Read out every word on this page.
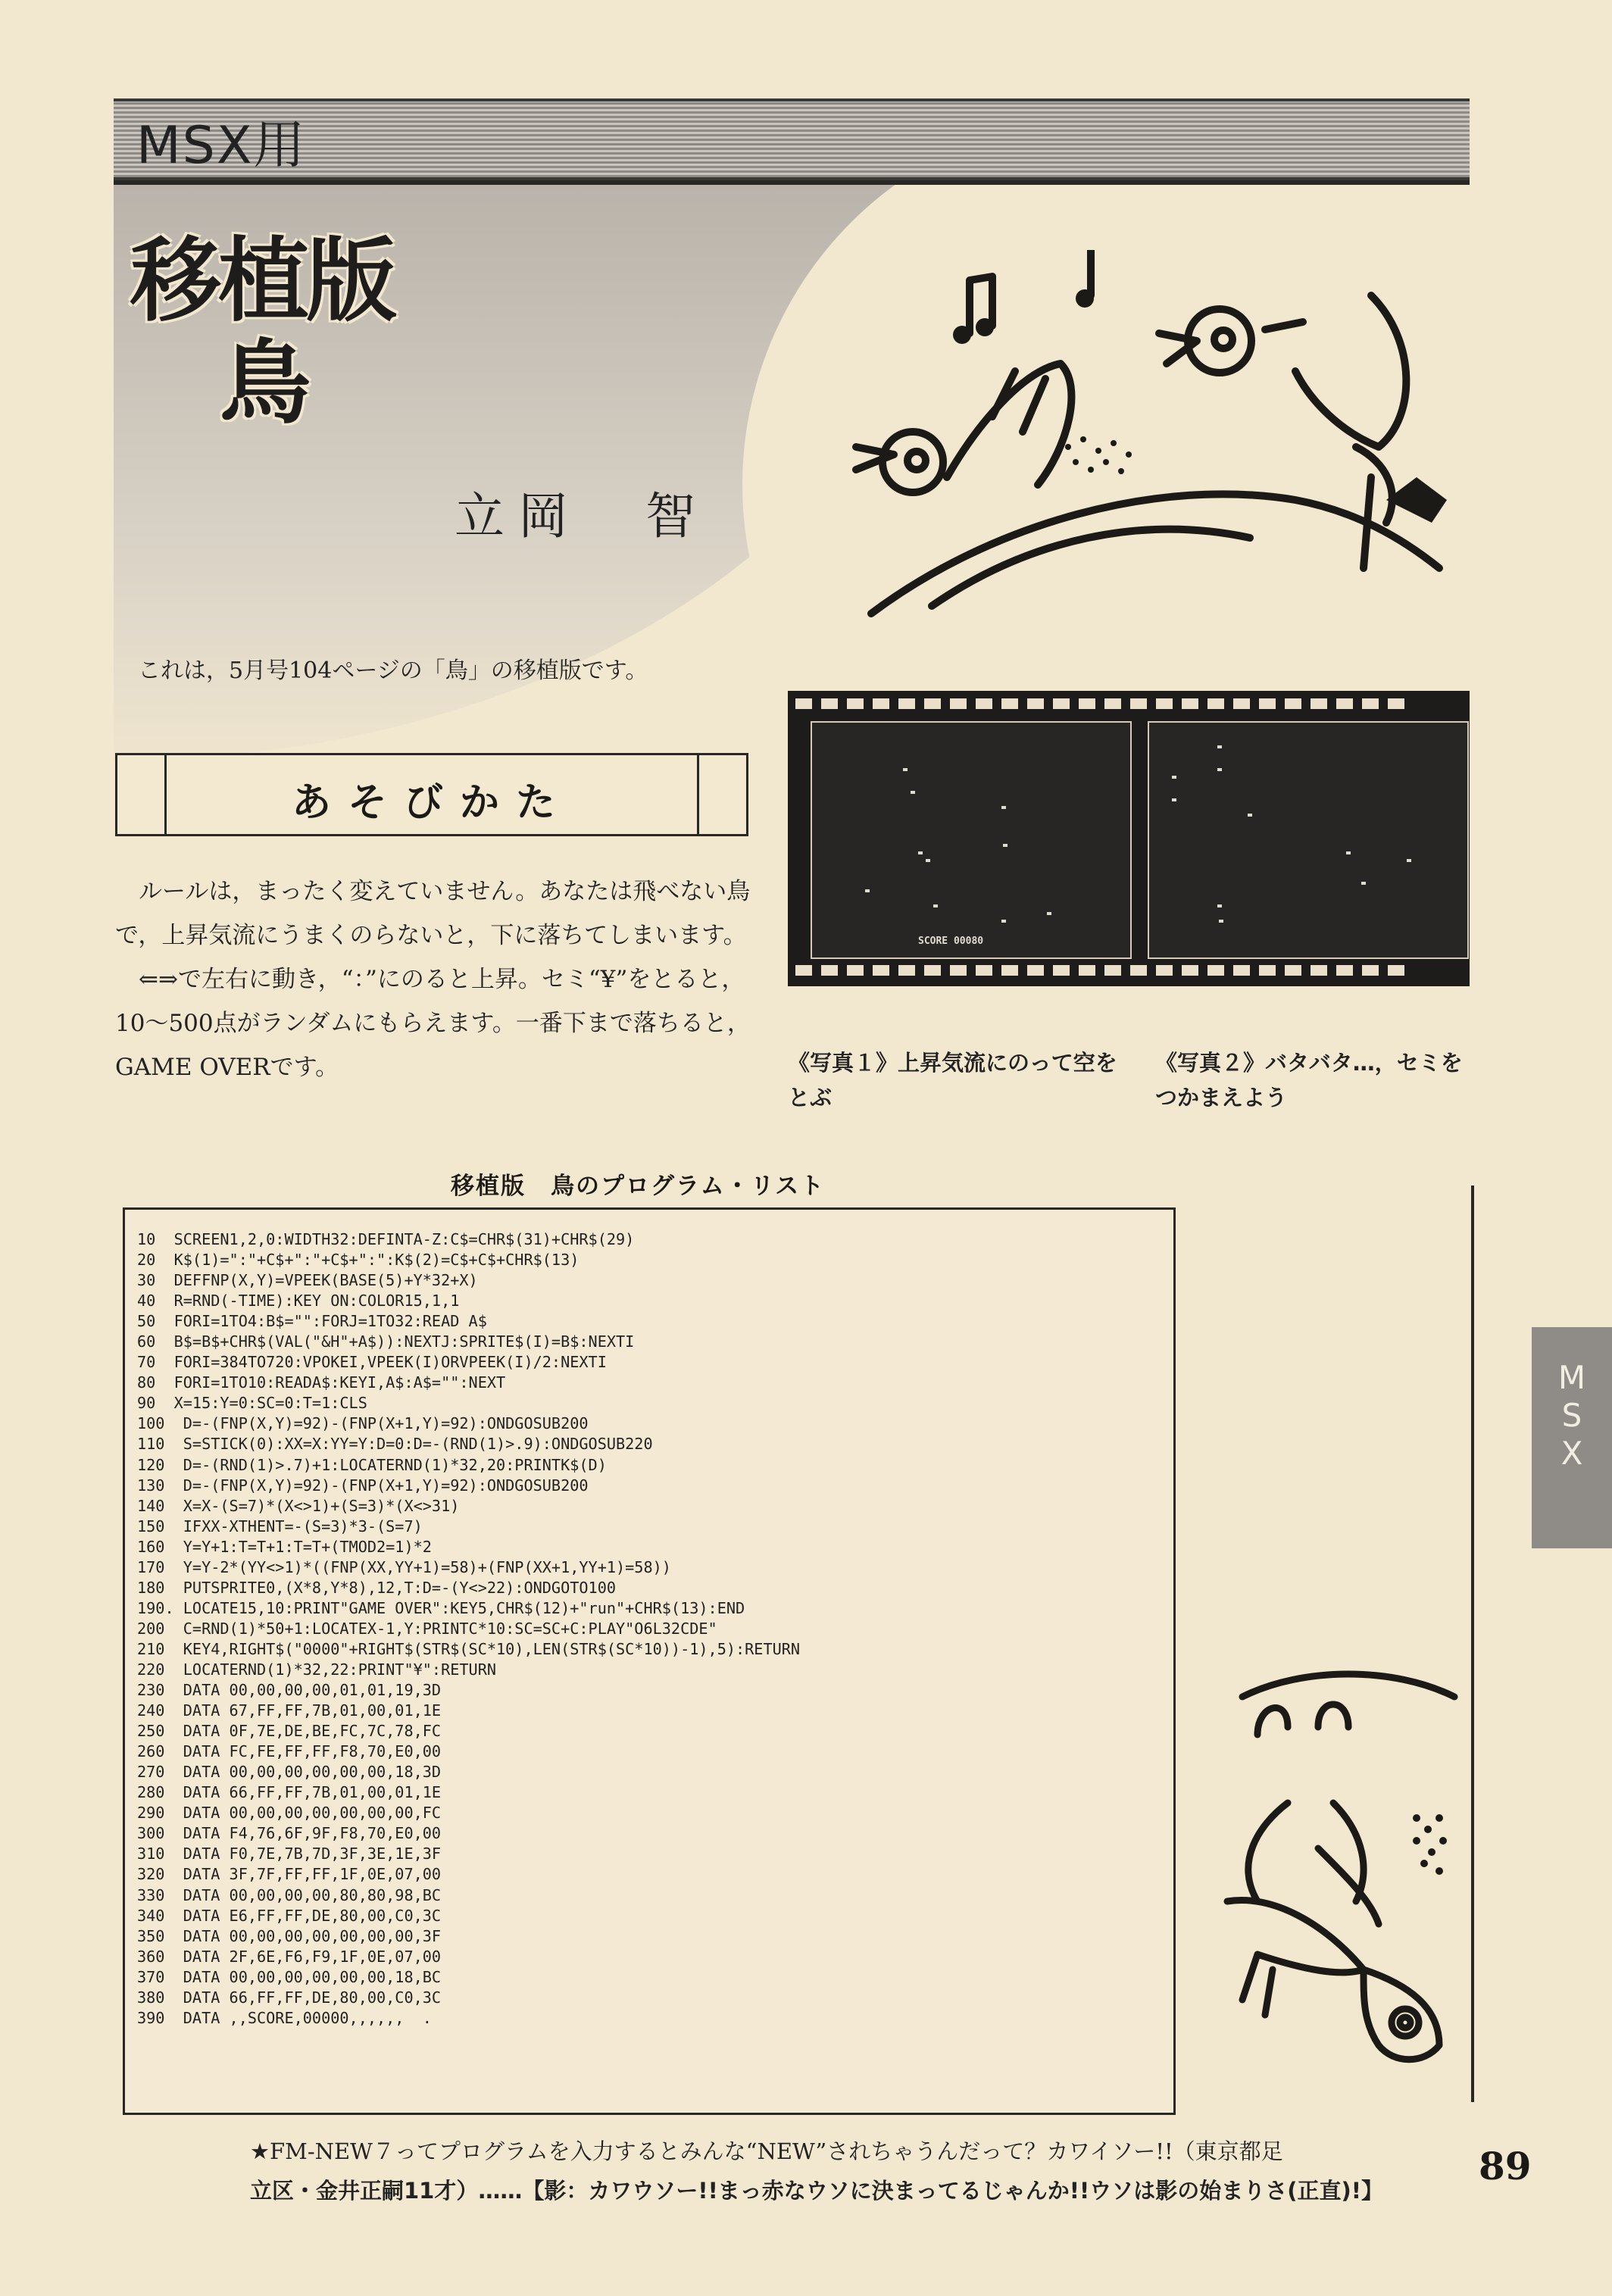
MSX用
移植版
鳥
立岡　智
これは，5月号104ページの「鳥」の移植版です。
あそびかた

ルールは，まったく変えていません。あなたは飛べない鳥で，上昇気流にうまくのらないと，下に落ちてしまいます。

⇐⇒で左右に動き，“：”にのると上昇。セミ“¥”をとると，10～500点がランダムにもらえます。一番下まで落ちると，GAME OVERです。

SCORE 00080
《写真１》上昇気流にのって空をとぶ
《写真２》バタバタ…，セミをつかまえよう
移植版　鳥のプログラム・リスト
10  SCREEN1,2,0:WIDTH32:DEFINTA-Z:C$=CHR$(31)+CHR$(29)
20  K$(1)=":"+C$+":"+C$+":":K$(2)=C$+C$+CHR$(13)
30  DEFFNP(X,Y)=VPEEK(BASE(5)+Y*32+X)
40  R=RND(-TIME):KEY ON:COLOR15,1,1
50  FORI=1TO4:B$="":FORJ=1TO32:READ A$
60  B$=B$+CHR$(VAL("&H"+A$)):NEXTJ:SPRITE$(I)=B$:NEXTI
70  FORI=384TO720:VPOKEI,VPEEK(I)ORVPEEK(I)/2:NEXTI
80  FORI=1TO10:READA$:KEYI,A$:A$="":NEXT
90  X=15:Y=0:SC=0:T=1:CLS
100  D=-(FNP(X,Y)=92)-(FNP(X+1,Y)=92):ONDGOSUB200
110  S=STICK(0):XX=X:YY=Y:D=0:D=-(RND(1)>.9):ONDGOSUB220
120  D=-(RND(1)>.7)+1:LOCATERND(1)*32,20:PRINTK$(D)
130  D=-(FNP(X,Y)=92)-(FNP(X+1,Y)=92):ONDGOSUB200
140  X=X-(S=7)*(X<>1)+(S=3)*(X<>31)
150  IFXX-XTHENT=-(S=3)*3-(S=7)
160  Y=Y+1:T=T+1:T=T+(TMOD2=1)*2
170  Y=Y-2*(YY<>1)*((FNP(XX,YY+1)=58)+(FNP(XX+1,YY+1)=58))
180  PUTSPRITE0,(X*8,Y*8),12,T:D=-(Y<>22):ONDGOTO100
190. LOCATE15,10:PRINT"GAME OVER":KEY5,CHR$(12)+"run"+CHR$(13):END
200  C=RND(1)*50+1:LOCATEX-1,Y:PRINTC*10:SC=SC+C:PLAY"O6L32CDE"
210  KEY4,RIGHT$("0000"+RIGHT$(STR$(SC*10),LEN(STR$(SC*10))-1),5):RETURN
220  LOCATERND(1)*32,22:PRINT"¥":RETURN
230  DATA 00,00,00,00,01,01,19,3D
240  DATA 67,FF,FF,7B,01,00,01,1E
250  DATA 0F,7E,DE,BE,FC,7C,78,FC
260  DATA FC,FE,FF,FF,F8,70,E0,00
270  DATA 00,00,00,00,00,00,18,3D
280  DATA 66,FF,FF,7B,01,00,01,1E
290  DATA 00,00,00,00,00,00,00,FC
300  DATA F4,76,6F,9F,F8,70,E0,00
310  DATA F0,7E,7B,7D,3F,3E,1E,3F
320  DATA 3F,7F,FF,FF,1F,0E,07,00
330  DATA 00,00,00,00,80,80,98,BC
340  DATA E6,FF,FF,DE,80,00,C0,3C
350  DATA 00,00,00,00,00,00,00,3F
360  DATA 2F,6E,F6,F9,1F,0E,07,00
370  DATA 00,00,00,00,00,00,18,BC
380  DATA 66,FF,FF,DE,80,00,C0,3C
390  DATA ,,SCORE,00000,,,,,,  .
M
S
X
★FM-NEW７ってプログラムを入力するとみんな“NEW”されちゃうんだって？カワイソー!!（東京都足
立区・金井正嗣11才）……【影：カワウソー!!まっ赤なウソに決まってるじゃんか!!ウソは影の始まりさ(正直)!】
89
